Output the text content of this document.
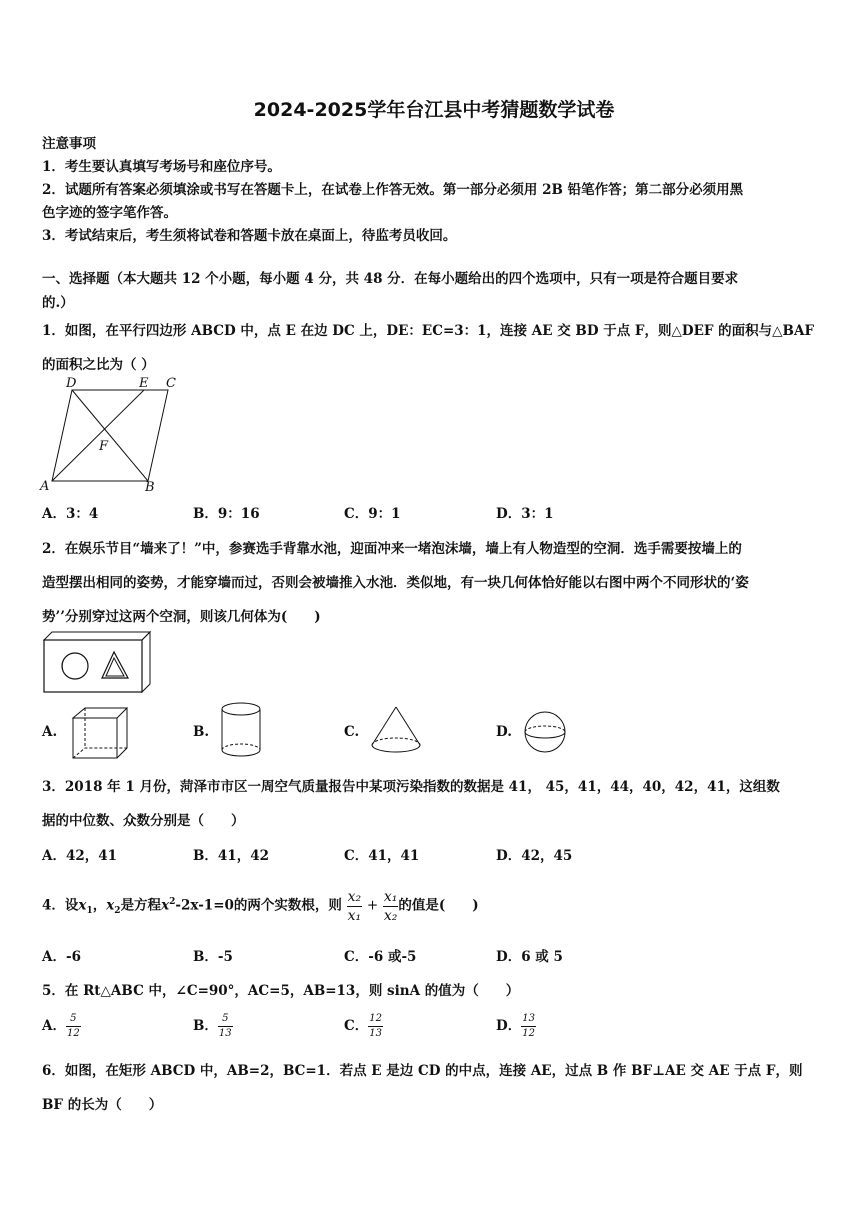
2024-2025学年台江县中考猜题数学试卷
注意事项
1．考生要认真填写考场号和座位序号。
2．试题所有答案必须填涂或书写在答题卡上，在试卷上作答无效。第一部分必须用 2B 铅笔作答；第二部分必须用黑
色字迹的签字笔作答。
3．考试结束后，考生须将试卷和答题卡放在桌面上，待监考员收回。
一、选择题（本大题共 12 个小题，每小题 4 分，共 48 分．在每小题给出的四个选项中，只有一项是符合题目要求
的.）
1．如图，在平行四边形 ABCD 中，点 E 在边 DC 上，DE：EC=3：1，连接 AE 交 BD 于点 F，则△DEF 的面积与△BAF
的面积之比为（ ）
D	E C
A	B
F
A．3：4	B．9：16	C．9：1	D．3：1
2．在娱乐节目“墙来了！”中，参赛选手背靠水池，迎面冲来一堵泡沫墙，墙上有人物造型的空洞．选手需要按墙上的
造型摆出相同的姿势，才能穿墙而过，否则会被墙推入水池．类似地，有一块几何体恰好能以右图中两个不同形状的‘姿
势’’分别穿过这两个空洞，则该几何体为(　　)
A.	B.	C.	D.
3．2018 年 1 月份，菏泽市市区一周空气质量报告中某项污染指数的数据是 41， 45，41，44，40，42，41，这组数
据的中位数、众数分别是（　　）
A．42，41	B．41，42	C．41，41	D．42，45
4．设$x_1$，$x_2$是方程$x^2-2x-1=0$的两个实数根，则 $\frac{\text{x₂}}{\text{x₁}} + \frac{\text{x₁}}{\text{x₂}}$ 的值是(　　)
A．-6	B．-5	C．-6 或-5	D．6 或 5
5．在 Rt△ABC 中，∠C=90°，AC=5，AB=13，则 sinA 的值为（　　）
A． $\frac{5}{12}$	B． $\frac{5}{13}$	C． $\frac{12}{13}$	D． $\frac{13}{12}$
6．如图，在矩形 ABCD 中，AB=2，BC=1．若点 E 是边 CD 的中点，连接 AE，过点 B 作 BF⊥AE 交 AE 于点 F，则
BF 的长为（　　）
